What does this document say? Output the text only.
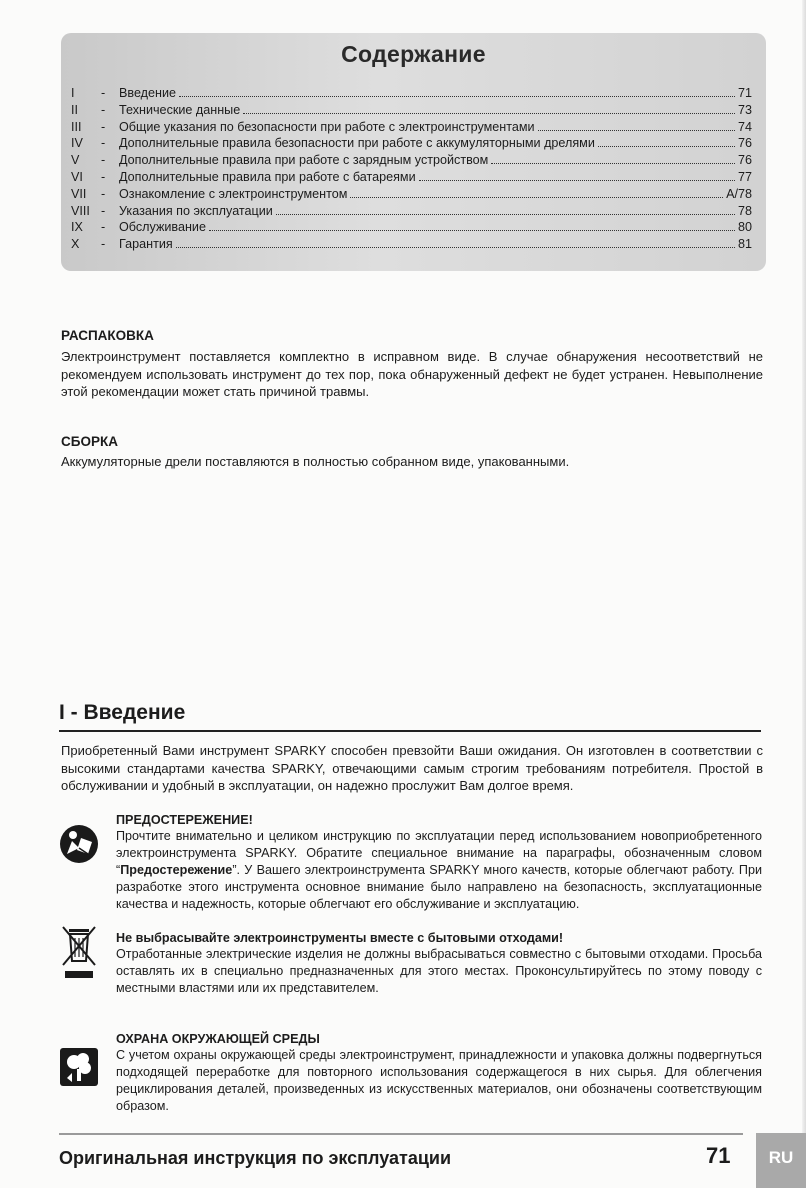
Содержание
I	-	Введение	71
II	-	Технические данные	73
III	-	Общие указания по безопасности при работе с электроинструментами	74
IV	-	Дополнительные правила безопасности при работе с аккумуляторными дрелями	76
V	-	Дополнительные правила при работе с зарядным устройством	76
VI	-	Дополнительные правила при работе с батареями	77
VII	-	Ознакомление с электроинструментом	A/78
VIII -	Указания по эксплуатации	78
IX	-	Обслуживание	80
X	-	Гарантия	81
РАСПАКОВКА
Электроинструмент поставляется комплектно в исправном виде. В случае обнаружения несоответствий не рекомендуем использовать инструмент до тех пор, пока обнаруженный дефект не будет устранен. Невыполнение этой рекомендации может стать причиной травмы.
СБОРКА
Аккумуляторные дрели поставляются в полностью собранном виде, упакованными.
I - Введение
Приобретенный Вами инструмент SPARKY способен превзойти Ваши ожидания. Он изготовлен в соответствии с высокими стандартами качества SPARKY, отвечающими самым строгим требованиям потребителя. Простой в обслуживании и удобный в эксплуатации, он надежно прослужит Вам долгое время.
ПРЕДОСТЕРЕЖЕНИЕ!
Прочтите внимательно и целиком инструкцию по эксплуатации перед использованием новоприобретенного электроинструмента SPARKY. Обратите специальное внимание на параграфы, обозначенным словом “Предостережение”. У Вашего электроинструмента SPARKY много качеств, которые облегчают работу. При разработке этого инструмента основное внимание было направлено на безопасность, эксплуатационные качества и надежность, которые облегчают его обслуживание и эксплуатацию.
Не выбрасывайте электроинструменты вместе с бытовыми отходами!
Отработанные электрические изделия не должны выбрасываться совместно с бытовыми отходами. Просьба оставлять их в специально предназначенных для этого местах. Проконсультируйтесь по этому поводу с местными властями или их представителем.
ОХРАНА ОКРУЖАЮЩЕЙ СРЕДЫ
С учетом охраны окружающей среды электроинструмент, принадлежности и упаковка должны подвергнуться подходящей переработке для повторного использования содержащегося в них сырья. Для облегчения рециклирования деталей, произведенных из искусственных материалов, они обозначены соответствующим образом.
Оригинальная инструкция по эксплуатации	71	RU
